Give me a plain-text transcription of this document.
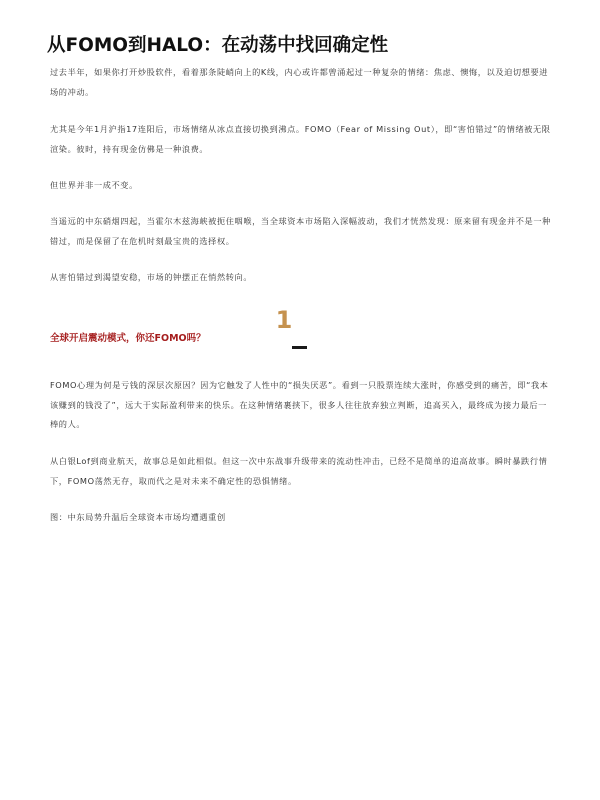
从FOMO到HALO：在动荡中找回确定性

过去半年，如果你打开炒股软件，看着那条陡峭向上的K线，内心或许都曾涌起过一种复杂的情绪：焦虑、懊悔，以及迫切想要进场的冲动。

尤其是今年1月沪指17连阳后，市场情绪从冰点直接切换到沸点。FOMO（Fear of Missing Out），即“害怕错过”的情绪被无限渲染。彼时，持有现金仿佛是一种浪费。

但世界并非一成不变。

当遥远的中东硝烟四起，当霍尔木兹海峡被扼住咽喉，当全球资本市场陷入深幅波动，我们才恍然发现：原来留有现金并不是一种错过，而是保留了在危机时刻最宝贵的选择权。

从害怕错过到渴望安稳，市场的钟摆正在悄然转向。

全球开启震动模式，你还FOMO吗？
1

FOMO心理为何是亏钱的深层次原因？因为它触发了人性中的“损失厌恶”。看到一只股票连续大涨时，你感受到的痛苦，即“我本该赚到的钱没了”，远大于实际盈利带来的快乐。在这种情绪裹挟下，很多人往往放弃独立判断，追高买入，最终成为接力最后一棒的人。

从白银Lof到商业航天，故事总是如此相似。但这一次中东战事升级带来的流动性冲击，已经不是简单的追高故事。瞬时暴跌行情下，FOMO荡然无存，取而代之是对未来不确定性的恐惧情绪。

图：中东局势升温后全球资本市场均遭遇重创
